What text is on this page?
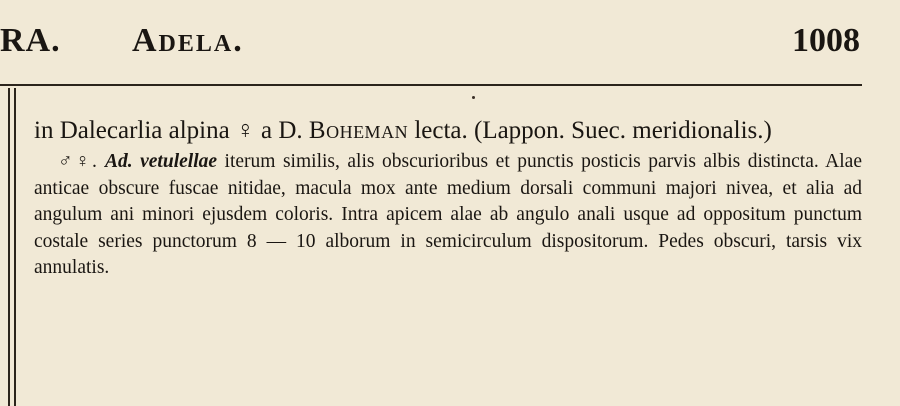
RA. Adela.	1008
in Dalecarlia alpina ♀ a D. Boheman lecta. (Lappon. Suec. meridionalis.)
♂♀. Ad. vetulellae iterum similis, alis obscurioribus et punctis posticis parvis albis distincta. Alae anticae obscure fuscae nitidae, macula mox ante medium dorsali communi majori nivea, et alia ad angulum ani minori ejusdem coloris. Intra apicem alae ab angulo anali usque ad oppositum punctum costale series punctorum 8 — 10 alborum in semicirculum dispositorum. Pedes obscuri, tarsis vix annulatis.
